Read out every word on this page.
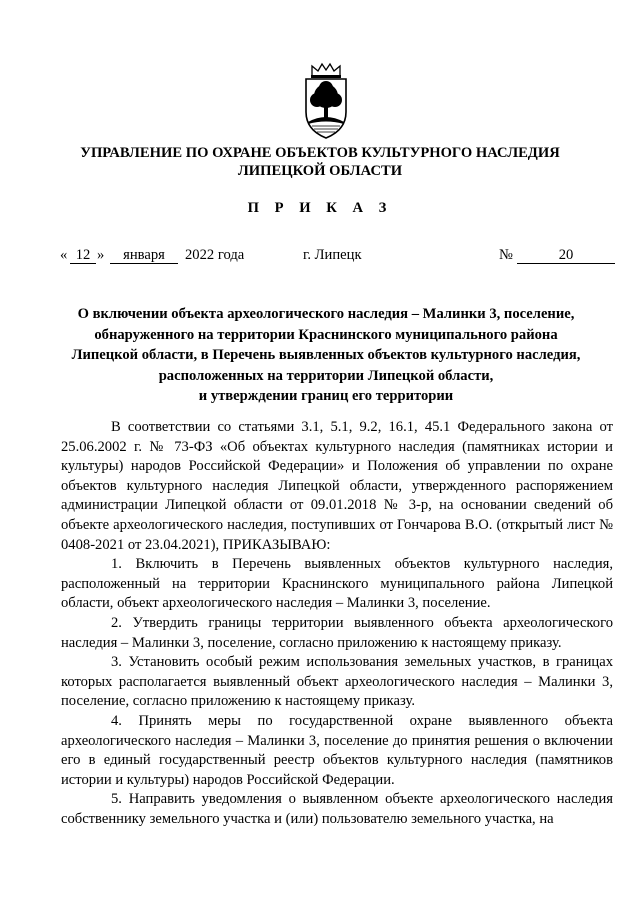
УПРАВЛЕНИЕ ПО ОХРАНЕ ОБЪЕКТОВ КУЛЬТУРНОГО НАСЛЕДИЯ
ЛИПЕЦКОЙ ОБЛАСТИ
П Р И К А З
« 12 »	января	2022 года	г. Липецк	№	20
О включении объекта археологического наследия – Малинки 3, поселение,
обнаруженного на территории Краснинского муниципального района
Липецкой области, в Перечень выявленных объектов культурного наследия,
расположенных на территории Липецкой области,
и утверждении границ его территории

В соответствии со статьями 3.1, 5.1, 9.2, 16.1, 45.1 Федерального закона от 25.06.2002 г. № 73-ФЗ «Об объектах культурного наследия (памятниках истории и культуры) народов Российской Федерации» и Положения об управлении по охране объектов культурного наследия Липецкой области, утвержденного распоряжением администрации Липецкой области от 09.01.2018 № 3-р, на основании сведений об объекте археологического наследия, поступивших от Гончарова В.О. (открытый лист № 0408-2021 от 23.04.2021), ПРИКАЗЫВАЮ:

1. Включить в Перечень выявленных объектов культурного наследия, расположенный на территории Краснинского муниципального района Липецкой области, объект археологического наследия – Малинки 3, поселение.

2. Утвердить границы территории выявленного объекта археологического наследия – Малинки 3, поселение, согласно приложению к настоящему приказу.

3. Установить особый режим использования земельных участков, в границах которых располагается выявленный объект археологического наследия – Малинки 3, поселение, согласно приложению к настоящему приказу.

4. Принять меры по государственной охране выявленного объекта археологического наследия – Малинки 3, поселение до принятия решения о включении его в единый государственный реестр объектов культурного наследия (памятников истории и культуры) народов Российской Федерации.

5. Направить уведомления о выявленном объекте археологического наследия собственнику земельного участка и (или) пользователю земельного участка, на
